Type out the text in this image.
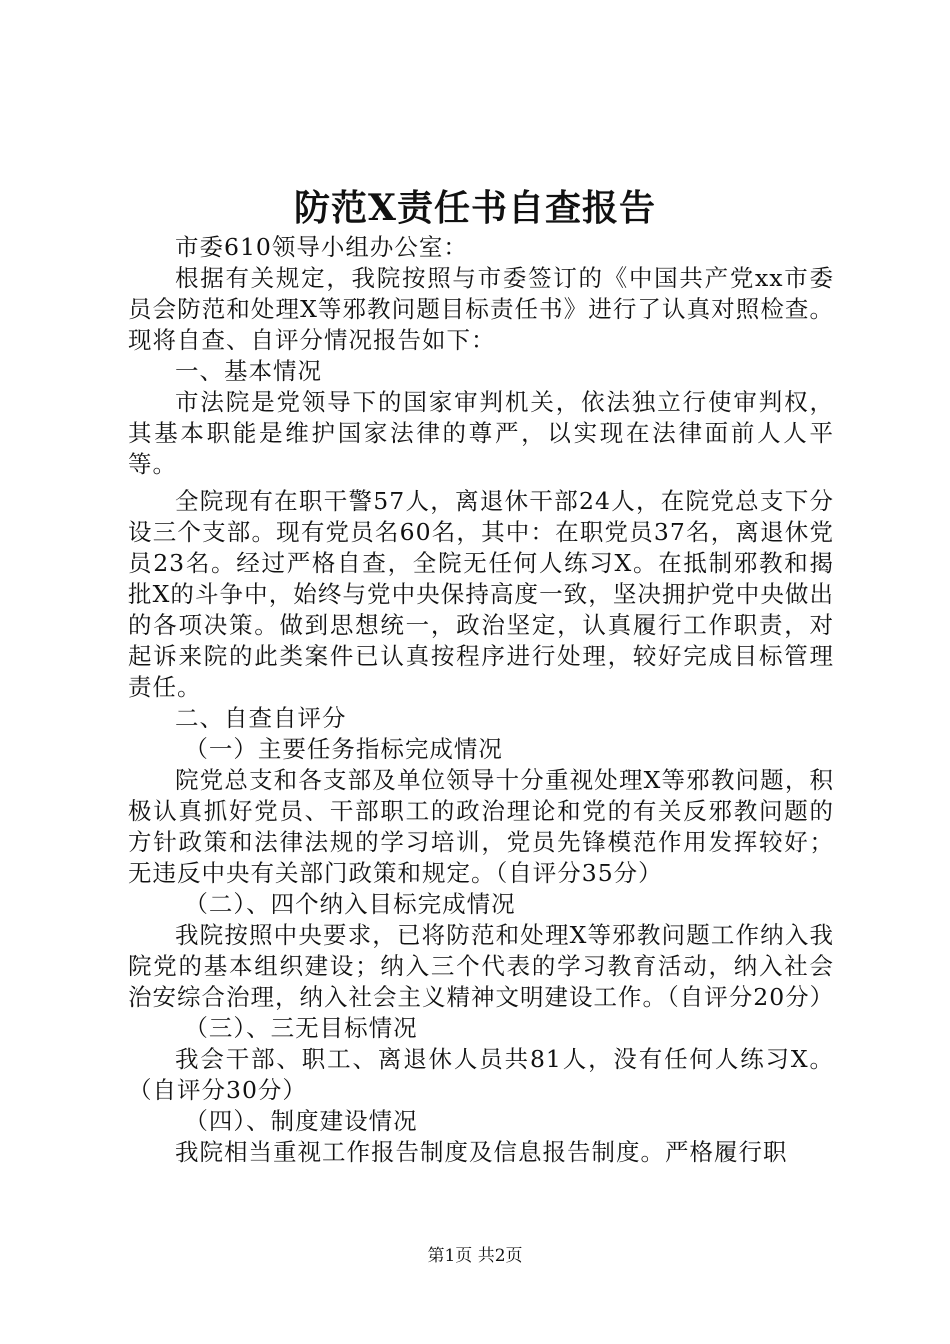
防范X责任书自查报告

市委610领导小组办公室：

根据有关规定，我院按照与市委签订的《中国共产党xx市委员会防范和处理X等邪教问题目标责任书》进行了认真对照检查。现将自查、自评分情况报告如下：

一、基本情况

市法院是党领导下的国家审判机关，依法独立行使审判权，其基本职能是维护国家法律的尊严，以实现在法律面前人人平等。

全院现有在职干警57人，离退休干部24人，在院党总支下分设三个支部。现有党员名60名，其中：在职党员37名，离退休党员23名。经过严格自查，全院无任何人练习X。在抵制邪教和揭批X的斗争中，始终与党中央保持高度一致，坚决拥护党中央做出的各项决策。做到思想统一，政治坚定，认真履行工作职责，对起诉来院的此类案件已认真按程序进行处理，较好完成目标管理责任。

二、自查自评分

（一）主要任务指标完成情况

院党总支和各支部及单位领导十分重视处理X等邪教问题，积极认真抓好党员、干部职工的政治理论和党的有关反邪教问题的方针政策和法律法规的学习培训，党员先锋模范作用发挥较好；无违反中央有关部门政策和规定。（自评分35分）

（二）、四个纳入目标完成情况

我院按照中央要求，已将防范和处理X等邪教问题工作纳入我院党的基本组织建设；纳入三个代表的学习教育活动，纳入社会治安综合治理，纳入社会主义精神文明建设工作。（自评分20分）

（三）、三无目标情况

我会干部、职工、离退休人员共81人，没有任何人练习X。（自评分30分）

（四）、制度建设情况

我院相当重视工作报告制度及信息报告制度。严格履行职

第1页 共2页
